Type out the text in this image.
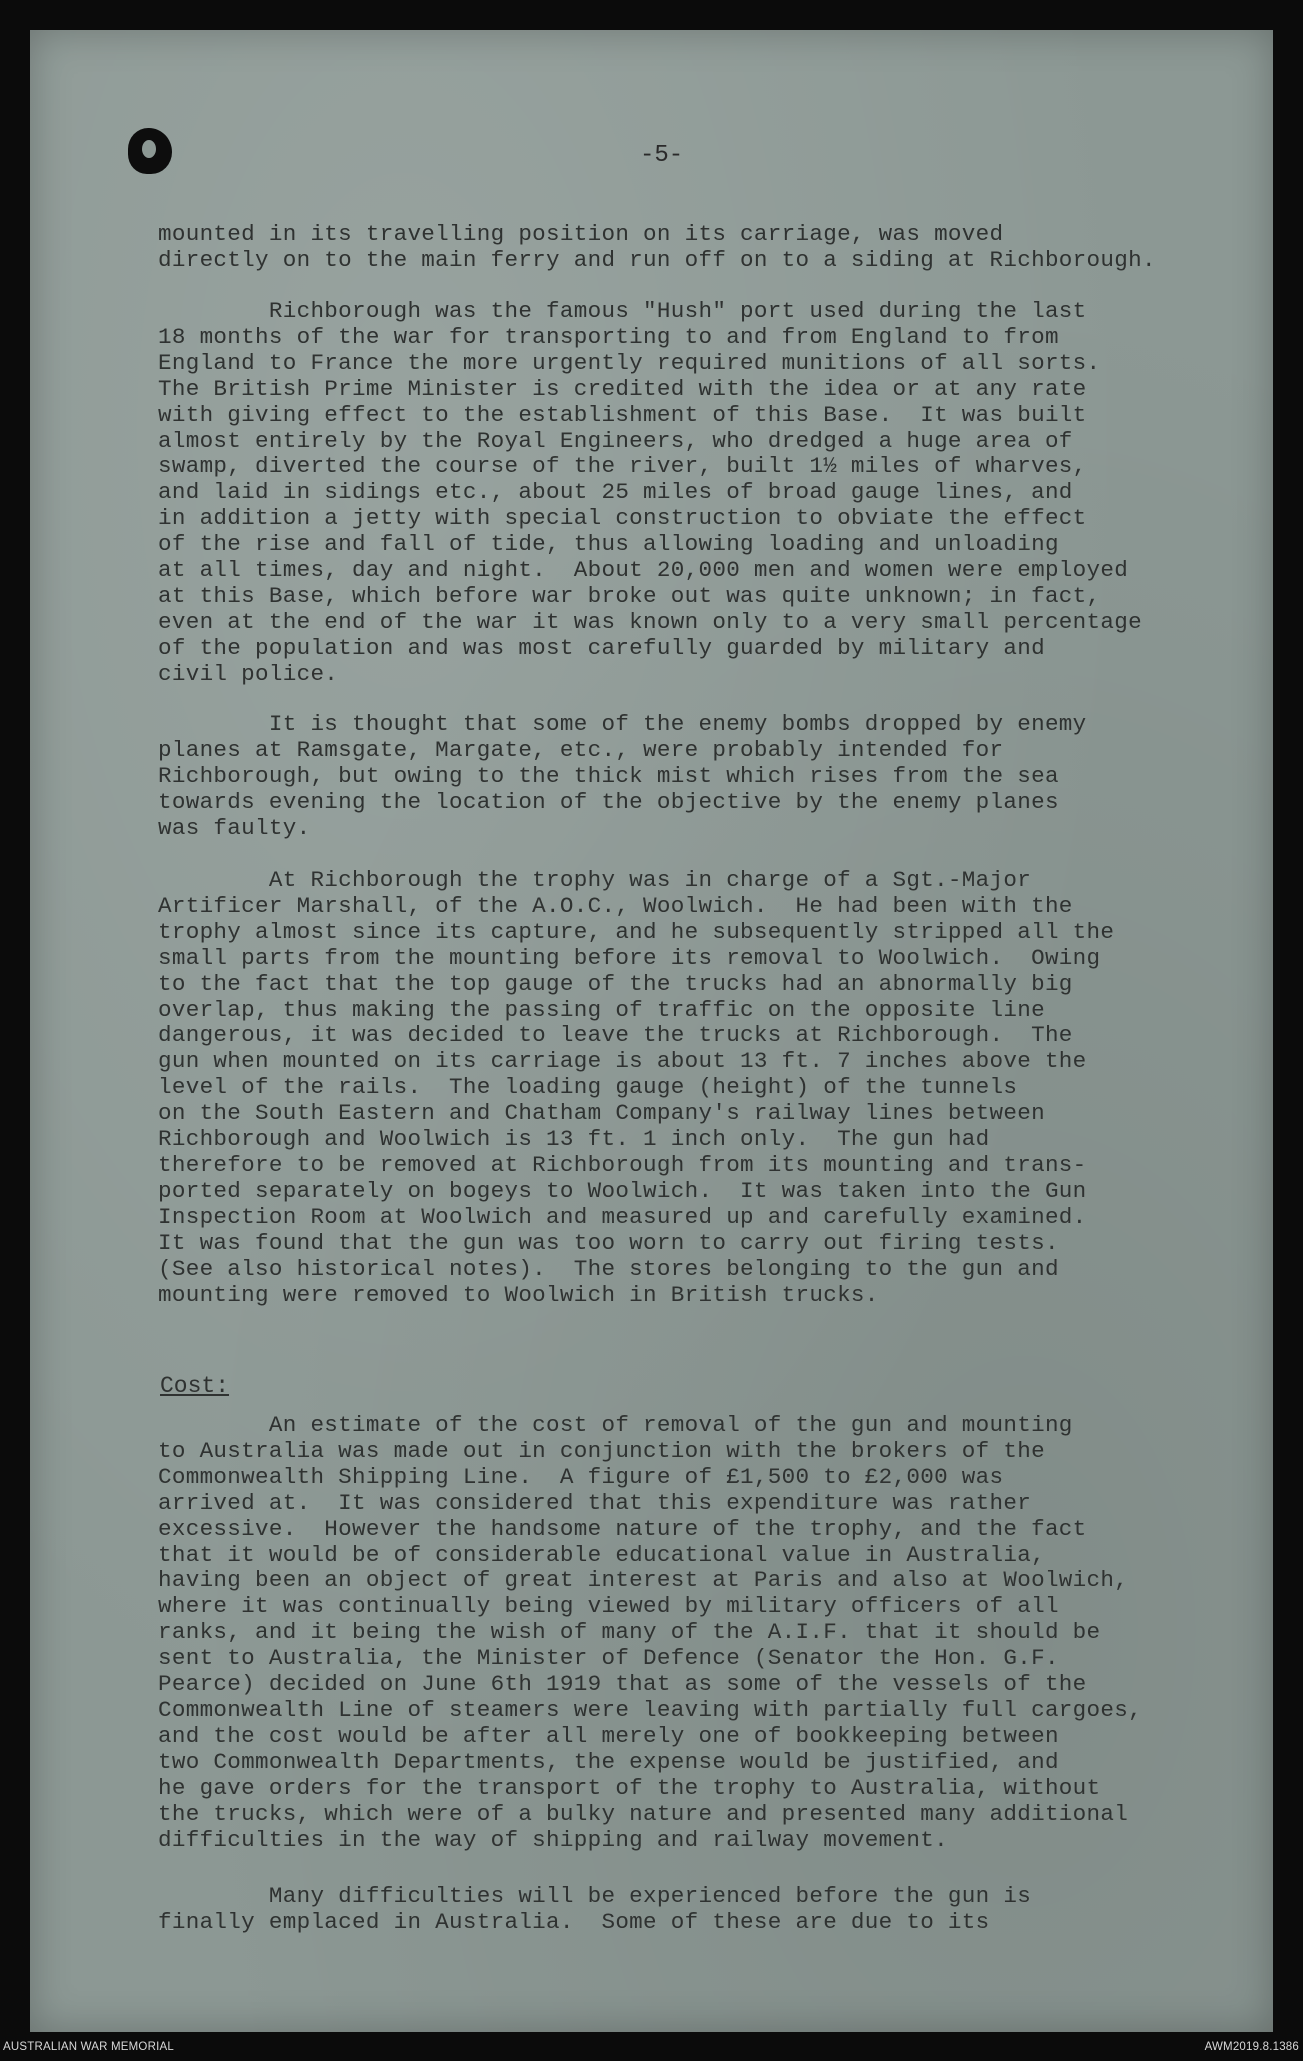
-5-
mounted in its travelling position on its carriage, was moved
directly on to the main ferry and run off on to a siding at Richborough.
Richborough was the famous "Hush" port used during the last
18 months of the war for transporting to and from England to from
England to France the more urgently required munitions of all sorts.
The British Prime Minister is credited with the idea or at any rate
with giving effect to the establishment of this Base.  It was built
almost entirely by the Royal Engineers, who dredged a huge area of
swamp, diverted the course of the river, built 1½ miles of wharves,
and laid in sidings etc., about 25 miles of broad gauge lines, and
in addition a jetty with special construction to obviate the effect
of the rise and fall of tide, thus allowing loading and unloading
at all times, day and night.  About 20,000 men and women were employed
at this Base, which before war broke out was quite unknown; in fact,
even at the end of the war it was known only to a very small percentage
of the population and was most carefully guarded by military and
civil police.
It is thought that some of the enemy bombs dropped by enemy
planes at Ramsgate, Margate, etc., were probably intended for
Richborough, but owing to the thick mist which rises from the sea
towards evening the location of the objective by the enemy planes
was faulty.
At Richborough the trophy was in charge of a Sgt.-Major
Artificer Marshall, of the A.O.C., Woolwich.  He had been with the
trophy almost since its capture, and he subsequently stripped all the
small parts from the mounting before its removal to Woolwich.  Owing
to the fact that the top gauge of the trucks had an abnormally big
overlap, thus making the passing of traffic on the opposite line
dangerous, it was decided to leave the trucks at Richborough.  The
gun when mounted on its carriage is about 13 ft. 7 inches above the
level of the rails.  The loading gauge (height) of the tunnels
on the South Eastern and Chatham Company's railway lines between
Richborough and Woolwich is 13 ft. 1 inch only.  The gun had
therefore to be removed at Richborough from its mounting and trans-
ported separately on bogeys to Woolwich.  It was taken into the Gun
Inspection Room at Woolwich and measured up and carefully examined.
It was found that the gun was too worn to carry out firing tests.
(See also historical notes).  The stores belonging to the gun and
mounting were removed to Woolwich in British trucks.
Cost:
An estimate of the cost of removal of the gun and mounting
to Australia was made out in conjunction with the brokers of the
Commonwealth Shipping Line.  A figure of £1,500 to £2,000 was
arrived at.  It was considered that this expenditure was rather
excessive.  However the handsome nature of the trophy, and the fact
that it would be of considerable educational value in Australia,
having been an object of great interest at Paris and also at Woolwich,
where it was continually being viewed by military officers of all
ranks, and it being the wish of many of the A.I.F. that it should be
sent to Australia, the Minister of Defence (Senator the Hon. G.F.
Pearce) decided on June 6th 1919 that as some of the vessels of the
Commonwealth Line of steamers were leaving with partially full cargoes,
and the cost would be after all merely one of bookkeeping between
two Commonwealth Departments, the expense would be justified, and
he gave orders for the transport of the trophy to Australia, without
the trucks, which were of a bulky nature and presented many additional
difficulties in the way of shipping and railway movement.
Many difficulties will be experienced before the gun is
finally emplaced in Australia.  Some of these are due to its
AUSTRALIAN WAR MEMORIAL	AWM2019.8.1386
